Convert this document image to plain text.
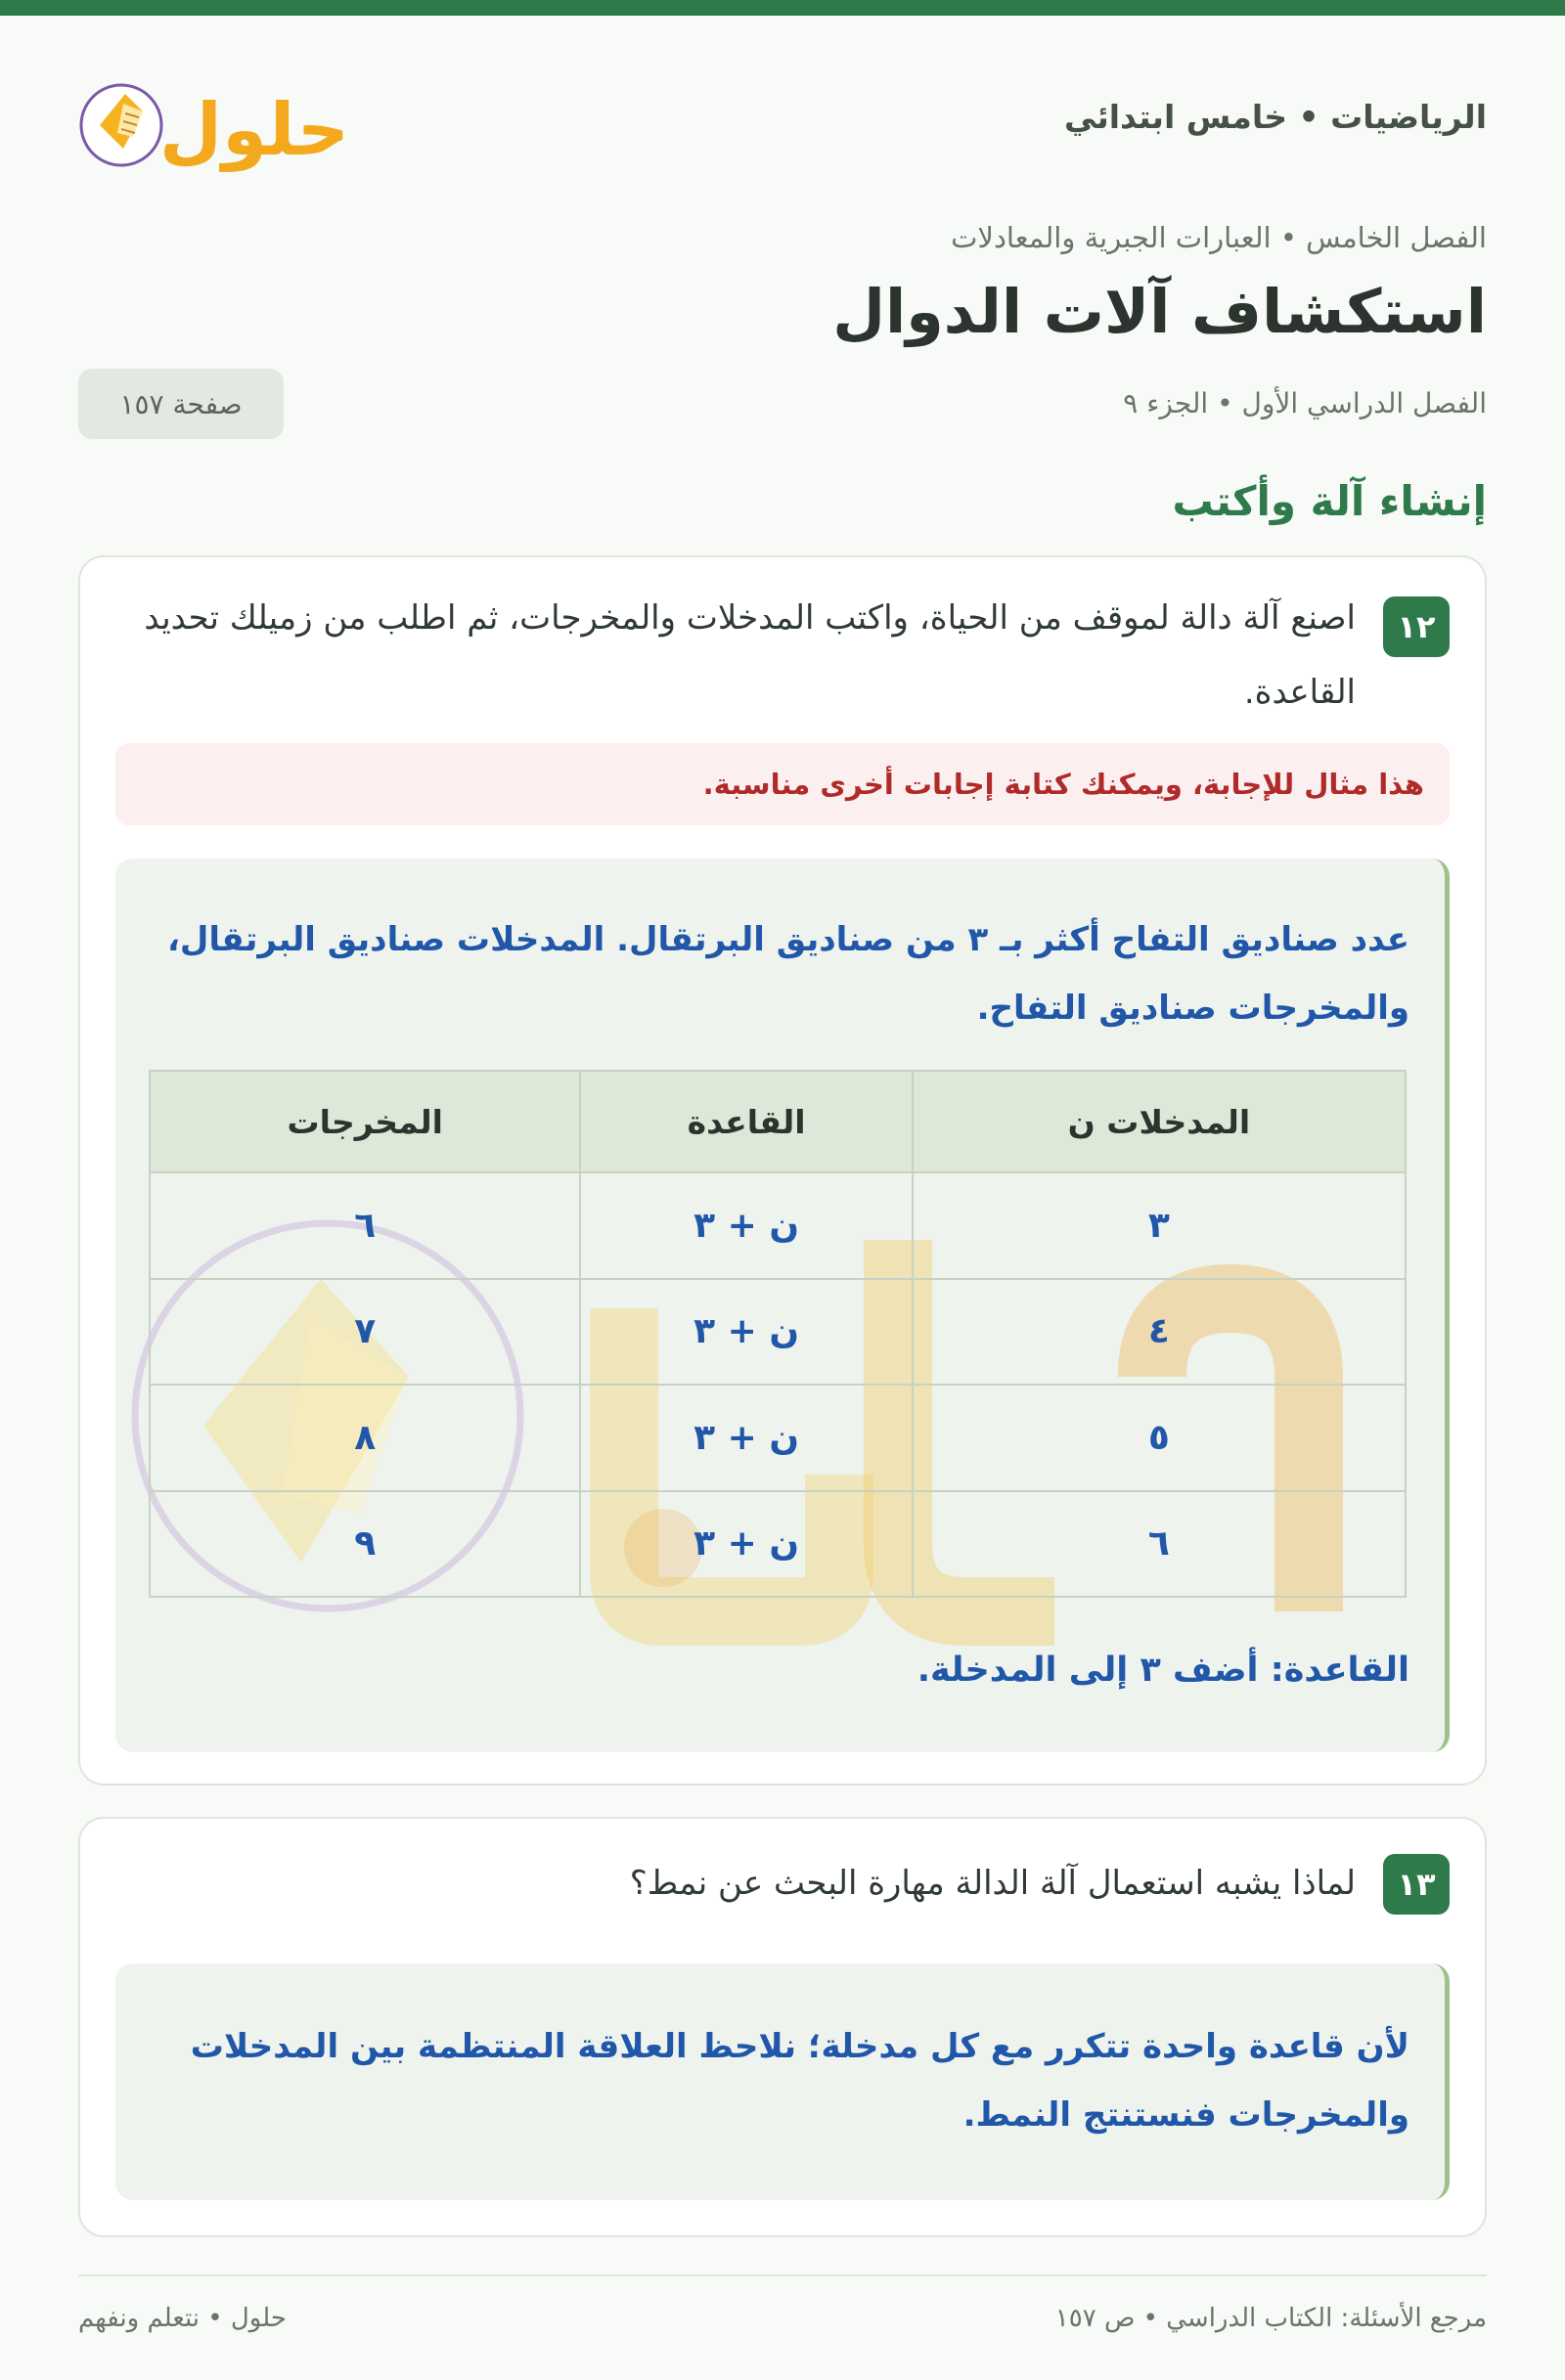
الرياضيات • خامس ابتدائي
حلول
الفصل الخامس • العبارات الجبرية والمعادلات
استكشاف آلات الدوال
الفصل الدراسي الأول • الجزء ٩
صفحة ١٥٧
إنشاء آلة وأكتب
١٢
اصنع آلة دالة لموقف من الحياة، واكتب المدخلات والمخرجات، ثم اطلب من زميلك تحديد القاعدة.
هذا مثال للإجابة، ويمكنك كتابة إجابات أخرى مناسبة.
عدد صناديق التفاح أكثر بـ ٣ من صناديق البرتقال. المدخلات صناديق البرتقال، والمخرجات صناديق التفاح.
المدخلات ن	القاعدة	المخرجات
٣	ن + ٣	٦
٤	ن + ٣	٧
٥	ن + ٣	٨
٦	ن + ٣	٩
القاعدة: أضف ٣ إلى المدخلة.
١٣
لماذا يشبه استعمال آلة الدالة مهارة البحث عن نمط؟
لأن قاعدة واحدة تتكرر مع كل مدخلة؛ نلاحظ العلاقة المنتظمة بين المدخلات والمخرجات فنستنتج النمط.
مرجع الأسئلة: الكتاب الدراسي • ص ١٥٧
حلول • نتعلم ونفهم
